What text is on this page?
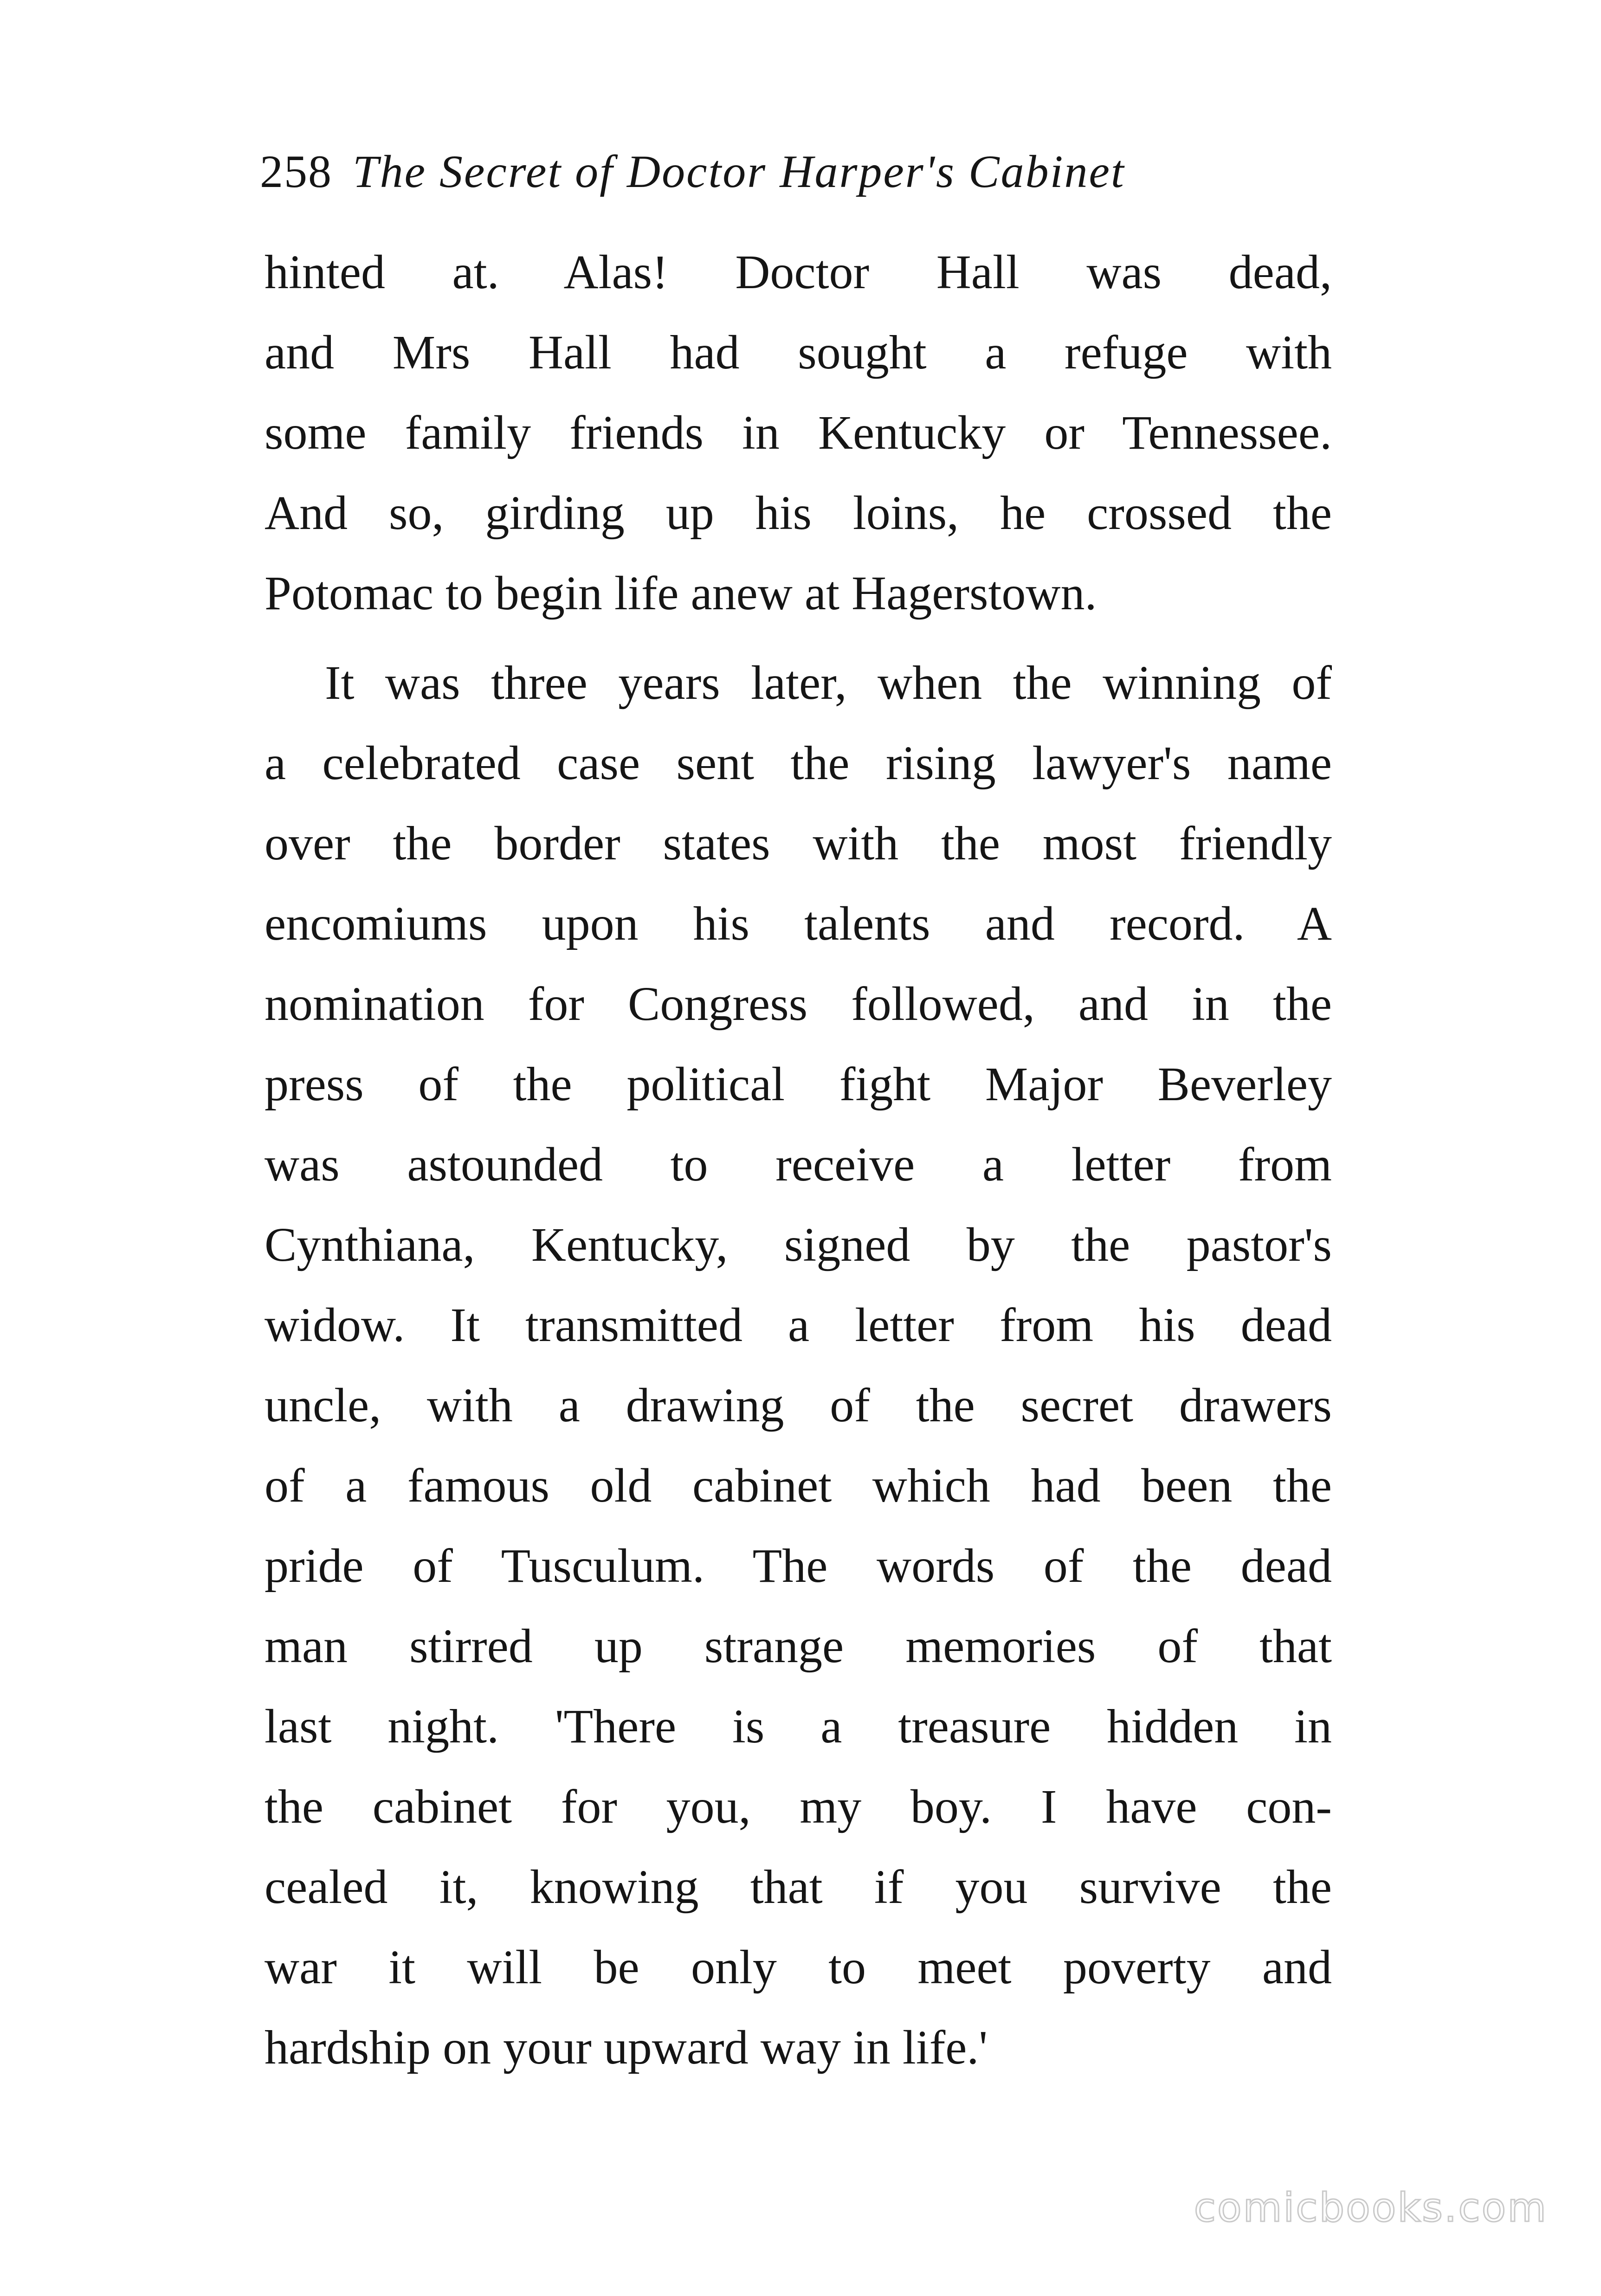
258 The Secret of Doctor Harper's Cabinet
hinted at. Alas! Doctor Hall was dead,
and Mrs Hall had sought a refuge with
some family friends in Kentucky or Tennessee.
And so, girding up his loins, he crossed the
Potomac to begin life anew at Hagerstown.
It was three years later, when the winning of
a celebrated case sent the rising lawyer's name
over the border states with the most friendly
encomiums upon his talents and record. A
nomination for Congress followed, and in the
press of the political fight Major Beverley
was astounded to receive a letter from
Cynthiana, Kentucky, signed by the pastor's
widow. It transmitted a letter from his dead
uncle, with a drawing of the secret drawers
of a famous old cabinet which had been the
pride of Tusculum. The words of the dead
man stirred up strange memories of that
last night. 'There is a treasure hidden in
the cabinet for you, my boy. I have con-
cealed it, knowing that if you survive the
war it will be only to meet poverty and
hardship on your upward way in life.'
comicbooks.com
